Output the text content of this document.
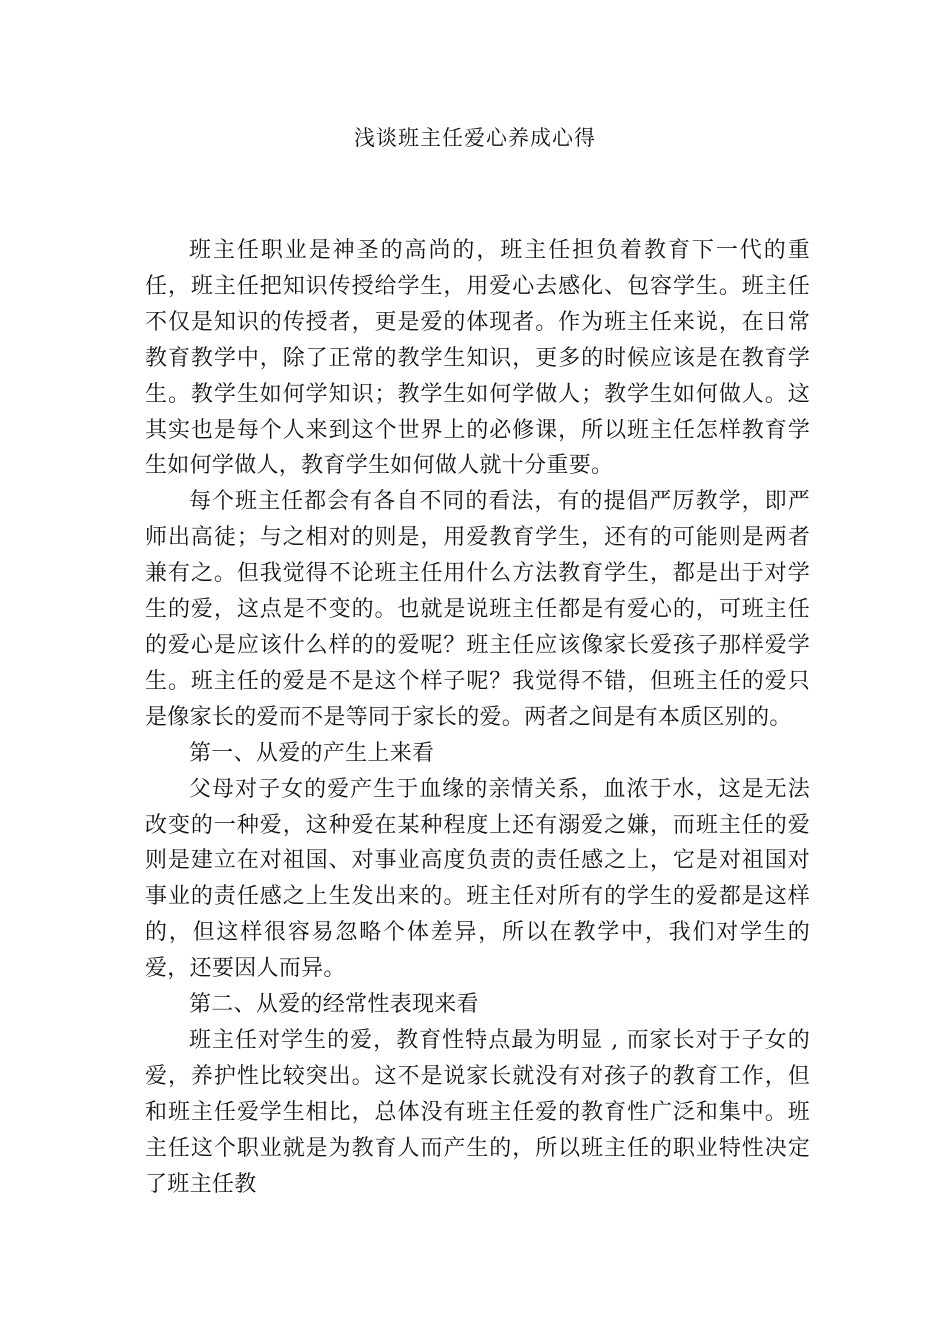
浅谈班主任爱心养成心得

班主任职业是神圣的高尚的，班主任担负着教育下一代的重任，班主任把知识传授给学生，用爱心去感化、包容学生。班主任不仅是知识的传授者，更是爱的体现者。作为班主任来说，在日常教育教学中，除了正常的教学生知识，更多的时候应该是在教育学生。教学生如何学知识；教学生如何学做人；教学生如何做人。这其实也是每个人来到这个世界上的必修课，所以班主任怎样教育学生如何学做人，教育学生如何做人就十分重要。

每个班主任都会有各自不同的看法，有的提倡严厉教学，即严师出高徒；与之相对的则是，用爱教育学生，还有的可能则是两者兼有之。但我觉得不论班主任用什么方法教育学生，都是出于对学生的爱，这点是不变的。也就是说班主任都是有爱心的，可班主任的爱心是应该什么样的的爱呢？班主任应该像家长爱孩子那样爱学生。班主任的爱是不是这个样子呢？我觉得不错，但班主任的爱只是像家长的爱而不是等同于家长的爱。两者之间是有本质区别的。

第一、从爱的产生上来看

父母对子女的爱产生于血缘的亲情关系，血浓于水，这是无法改变的一种爱，这种爱在某种程度上还有溺爱之嫌，而班主任的爱则是建立在对祖国、对事业高度负责的责任感之上，它是对祖国对事业的责任感之上生发出来的。班主任对所有的学生的爱都是这样的，但这样很容易忽略个体差异，所以在教学中，我们对学生的爱，还要因人而异。

第二、从爱的经常性表现来看

班主任对学生的爱，教育性特点最为明显 , 而家长对于子女的爱，养护性比较突出。这不是说家长就没有对孩子的教育工作，但和班主任爱学生相比，总体没有班主任爱的教育性广泛和集中。班主任这个职业就是为教育人而产生的，所以班主任的职业特性决定了班主任教
